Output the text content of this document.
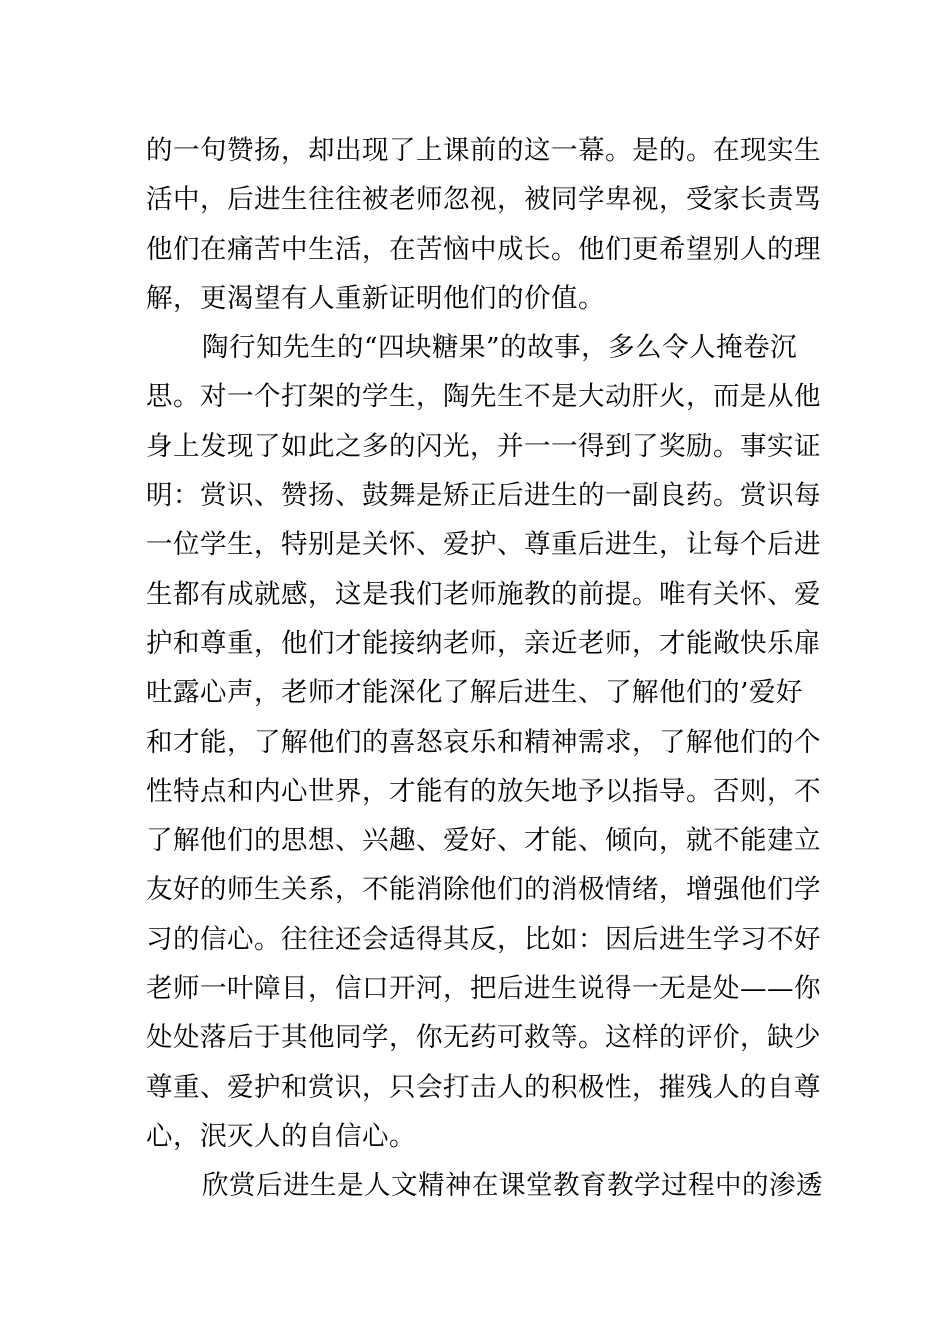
的一句赞扬，却出现了上课前的这一幕。是的。在现实生
活中，后进生往往被老师忽视，被同学卑视，受家长责骂
他们在痛苦中生活，在苦恼中成长。他们更希望别人的理
解，更渴望有人重新证明他们的价值。
陶行知先生的“四块糖果”的故事，多么令人掩卷沉
思。对一个打架的学生，陶先生不是大动肝火，而是从他
身上发现了如此之多的闪光，并一一得到了奖励。事实证
明：赏识、赞扬、鼓舞是矫正后进生的一副良药。赏识每
一位学生，特别是关怀、爱护、尊重后进生，让每个后进
生都有成就感，这是我们老师施教的前提。唯有关怀、爱
护和尊重，他们才能接纳老师，亲近老师，才能敞快乐扉
吐露心声，老师才能深化了解后进生、了解他们的’爱好
和才能，了解他们的喜怒哀乐和精神需求，了解他们的个
性特点和内心世界，才能有的放矢地予以指导。否则，不
了解他们的思想、兴趣、爱好、才能、倾向，就不能建立
友好的师生关系，不能消除他们的消极情绪，增强他们学
习的信心。往往还会适得其反，比如：因后进生学习不好
老师一叶障目，信口开河，把后进生说得一无是处——你
处处落后于其他同学，你无药可救等。这样的评价，缺少
尊重、爱护和赏识，只会打击人的积极性，摧残人的自尊
心，泯灭人的自信心。
欣赏后进生是人文精神在课堂教育教学过程中的渗透
